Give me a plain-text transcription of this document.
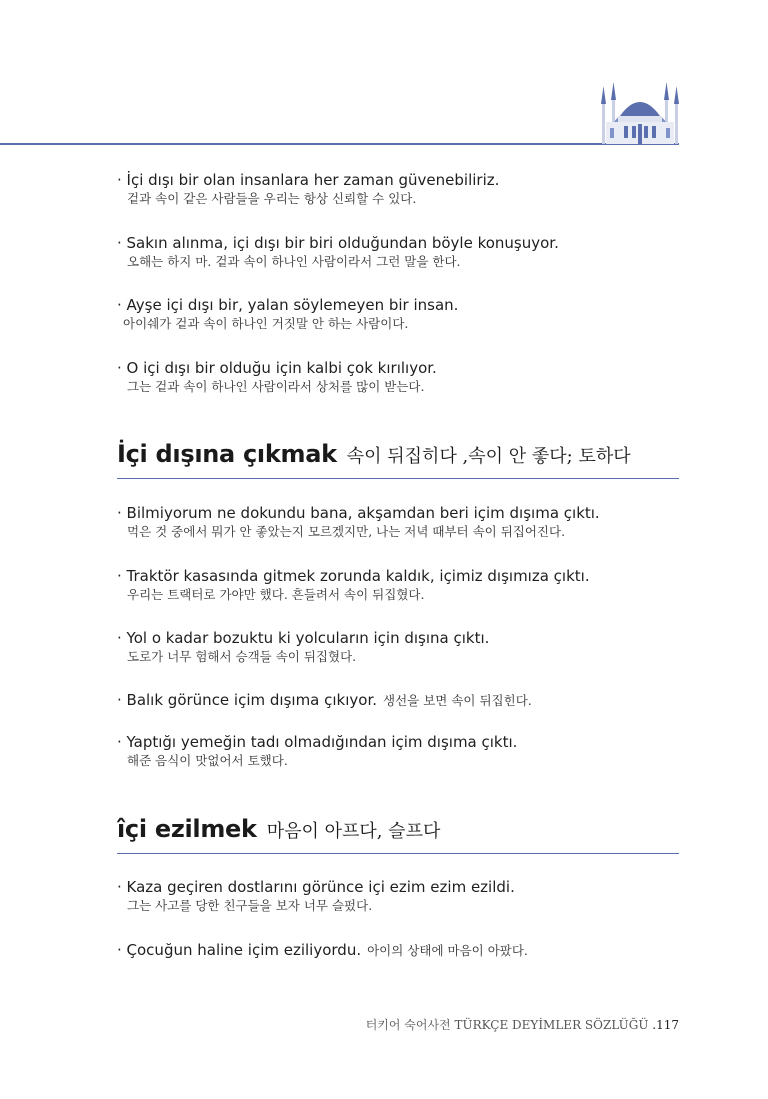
· İçi dışı bir olan insanlara her zaman güvenebiliriz.
겉과 속이 같은 사람들을 우리는 항상 신뢰할 수 있다.
· Sakın alınma, içi dışı bir biri olduğundan böyle konuşuyor.
오해는 하지 마. 겉과 속이 하나인 사람이라서 그런 말을 한다.
· Ayşe içi dışı bir, yalan söylemeyen bir insan.
아이쉐가 겉과 속이 하나인 거짓말 안 하는 사람이다.
· O içi dışı bir olduğu için kalbi çok kırılıyor.
그는 겉과 속이 하나인 사람이라서 상처를 많이 받는다.
İçi dışına çıkmak 속이 뒤집히다 ,속이 안 좋다; 토하다
· Bilmiyorum ne dokundu bana, akşamdan beri içim dışıma çıktı.
먹은 것 중에서 뭐가 안 좋았는지 모르겠지만, 나는 저녁 때부터 속이 뒤집어진다.
· Traktör kasasında gitmek zorunda kaldık, içimiz dışımıza çıktı.
우리는 트랙터로 가야만 했다. 흔들려서 속이 뒤집혔다.
· Yol o kadar bozuktu ki yolcuların için dışına çıktı.
도로가 너무 험해서 승객들 속이 뒤집혔다.
· Balık görünce içim dışıma çıkıyor. 생선을 보면 속이 뒤집힌다.
· Yaptığı yemeğin tadı olmadığından içim dışıma çıktı.
해준 음식이 맛없어서 토했다.
îçi ezilmek 마음이 아프다, 슬프다
· Kaza geçiren dostlarını görünce içi ezim ezim ezildi.
그는 사고를 당한 친구들을 보자 너무 슬펐다.
· Çocuğun haline içim eziliyordu. 아이의 상태에 마음이 아팠다.
터키어 숙어사전 TÜRKÇE DEYİMLER SÖZLÜĞÜ .117
